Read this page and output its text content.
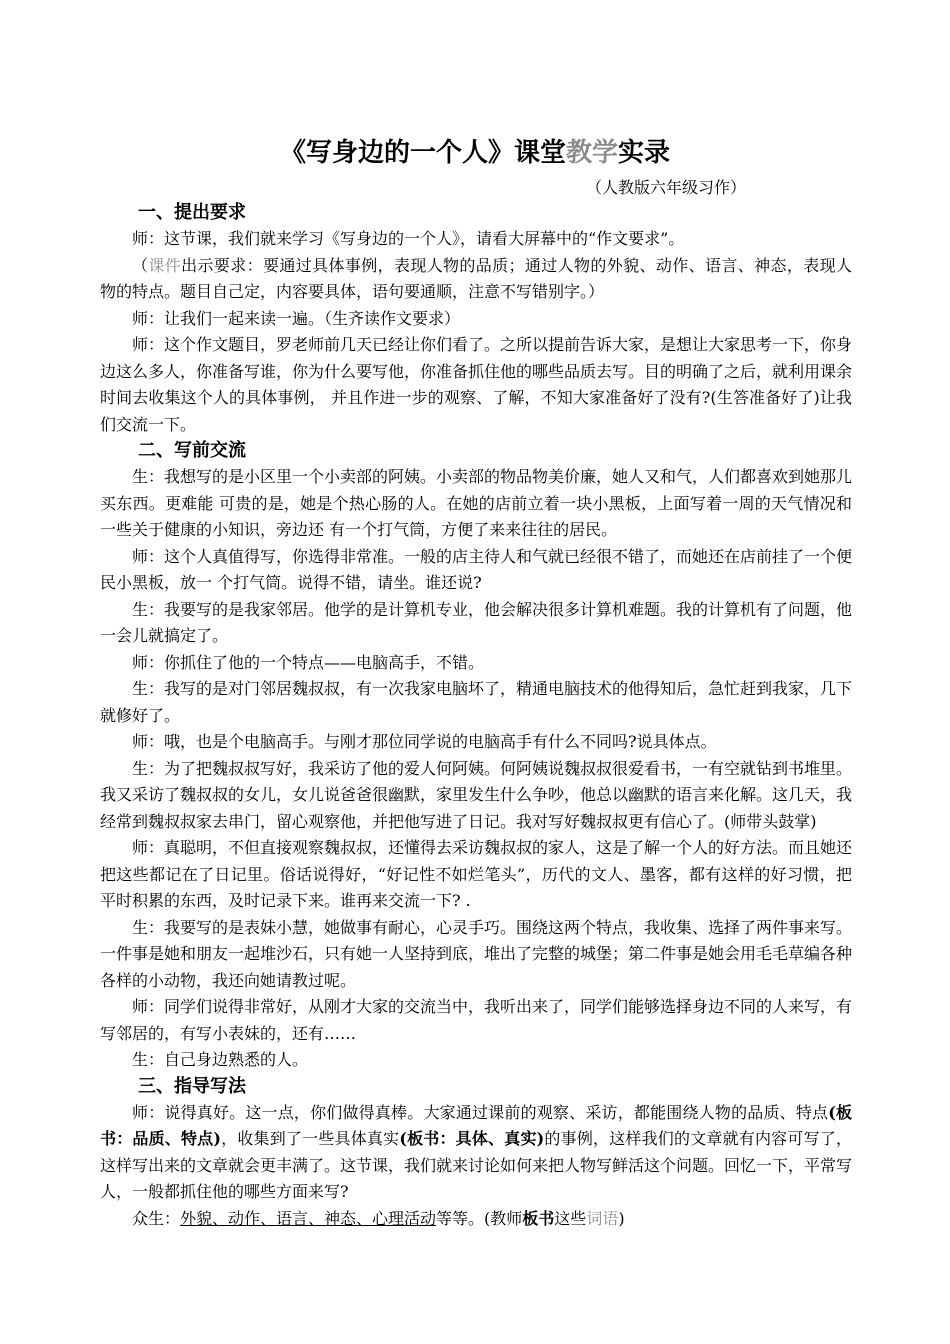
《写身边的一个人》课堂教学实录
（人教版六年级习作）
一、提出要求

师：这节课，我们就来学习《写身边的一个人》，请看大屏幕中的“作文要求”。

（课件出示要求：要通过具体事例，表现人物的品质；通过人物的外貌、动作、语言、神态，表现人物的特点。题目自己定，内容要具体，语句要通顺，注意不写错别字。）

师：让我们一起来读一遍。（生齐读作文要求）

师：这个作文题目，罗老师前几天已经让你们看了。之所以提前告诉大家，是想让大家思考一下，你身边这么多人，你准备写谁，你为什么要写他，你准备抓住他的哪些品质去写。目的明确了之后，就利用课余时间去收集这个人的具体事例， 并且作进一步的观察、了解，不知大家准备好了没有?(生答准备好了)让我们交流一下。

二、写前交流

生：我想写的是小区里一个小卖部的阿姨。小卖部的物品物美价廉，她人又和气，人们都喜欢到她那儿买东西。更难能 可贵的是，她是个热心肠的人。在她的店前立着一块小黑板，上面写着一周的天气情况和一些关于健康的小知识，旁边还 有一个打气筒，方便了来来往往的居民。

师：这个人真值得写，你选得非常准。一般的店主待人和气就已经很不错了，而她还在店前挂了一个便民小黑板，放一 个打气筒。说得不错，请坐。谁还说?

生：我要写的是我家邻居。他学的是计算机专业，他会解决很多计算机难题。我的计算机有了问题，他一会儿就搞定了。

师：你抓住了他的一个特点——电脑高手，不错。

生：我写的是对门邻居魏叔叔，有一次我家电脑坏了，精通电脑技术的他得知后，急忙赶到我家，几下就修好了。

师：哦，也是个电脑高手。与刚才那位同学说的电脑高手有什么不同吗?说具体点。

生：为了把魏叔叔写好，我采访了他的爱人何阿姨。何阿姨说魏叔叔很爱看书，一有空就钻到书堆里。我又采访了魏叔叔的女儿，女儿说爸爸很幽默，家里发生什么争吵，他总以幽默的语言来化解。这几天，我经常到魏叔叔家去串门，留心观察他，并把他写进了日记。我对写好魏叔叔更有信心了。(师带头鼓掌)

师：真聪明，不但直接观察魏叔叔，还懂得去采访魏叔叔的家人，这是了解一个人的好方法。而且她还把这些都记在了日记里。俗话说得好，“好记性不如烂笔头”，历代的文人、墨客，都有这样的好习惯，把平时积累的东西，及时记录下来。谁再来交流一下? .

生：我要写的是表妹小慧，她做事有耐心，心灵手巧。围绕这两个特点，我收集、选择了两件事来写。一件事是她和朋友一起堆沙石，只有她一人坚持到底，堆出了完整的城堡；第二件事是她会用毛毛草编各种各样的小动物，我还向她请教过呢。

师：同学们说得非常好，从刚才大家的交流当中，我听出来了，同学们能够选择身边不同的人来写，有写邻居的，有写小表妹的，还有……

生：自己身边熟悉的人。

三、指导写法

师：说得真好。这一点，你们做得真棒。大家通过课前的观察、采访，都能围绕人物的品质、特点(板书：品质、特点)，收集到了一些具体真实(板书：具体、真实)的事例，这样我们的文章就有内容可写了，这样写出来的文章就会更丰满了。这节课，我们就来讨论如何来把人物写鲜活这个问题。回忆一下，平常写人，一般都抓住他的哪些方面来写?

众生：外貌、动作、语言、神态、心理活动等等。(教师板书这些词语)
